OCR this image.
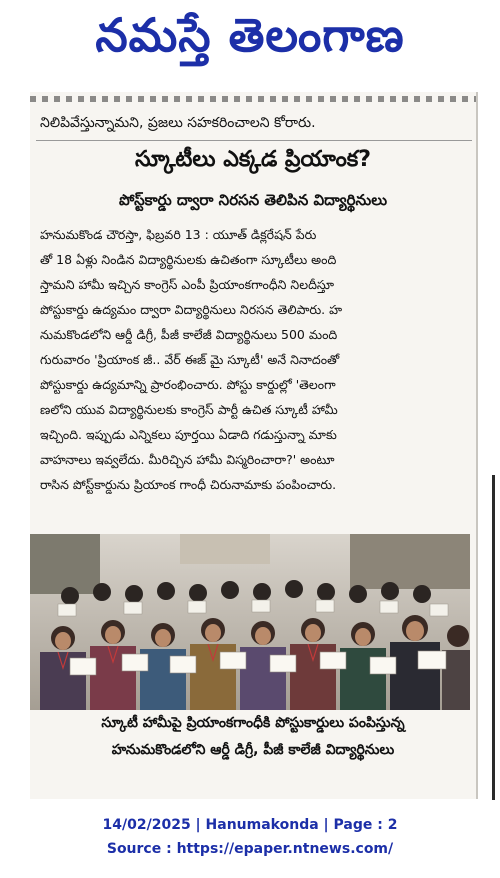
నమస్తే తెలంగాణ
నిలిపివేస్తున్నామని, ప్రజలు సహకరించాలని కోరారు.
స్కూటీలు ఎక్కడ ప్రియాంక?
పోస్ట్‌కార్డు ద్వారా నిరసన తెలిపిన విద్యార్థినులు
హనుమకొండ చౌరస్తా, ఫిబ్రవరి 13 : యూత్ డిక్లరేషన్ పేరు
తో 18 ఏళ్లు నిండిన విద్యార్థినులకు ఉచితంగా స్కూటీలు అంది
స్తామని హామీ ఇచ్చిన కాంగ్రెస్ ఎంపీ ప్రియాంకగాంధీని నిలదీస్తూ
పోస్టుకార్డు ఉద్యమం ద్వారా విద్యార్థినులు నిరసన తెలిపారు. హ
నుమకొండలోని ఆర్డీ డిగ్రీ, పీజీ కాలేజీ విద్యార్థినులు 500 మంది
గురువారం 'ప్రియాంక జీ.. వేర్ ఈజ్ మై స్కూటీ' అనే నినాదంతో
పోస్టుకార్డు ఉద్యమాన్ని ప్రారంభించారు. పోస్టు కార్డుల్లో 'తెలంగా
ణలోని యువ విద్యార్థినులకు కాంగ్రెస్ పార్టీ ఉచిత స్కూటీ హామీ
ఇచ్చింది. ఇప్పుడు ఎన్నికలు పూర్తయి ఏడాది గడుస్తున్నా మాకు
వాహనాలు ఇవ్వలేదు. మీరిచ్చిన హామీ విస్మరించారా?' అంటూ
రాసిన పోస్ట్‌కార్డును ప్రియాంక గాంధీ చిరునామాకు పంపించారు.
స్కూటీ హామీపై ప్రియాంకగాంధీకి పోస్టుకార్డులు పంపిస్తున్న
హనుమకొండలోని ఆర్డీ డిగ్రీ, పీజీ కాలేజీ విద్యార్థినులు
14/02/2025 | Hanumakonda | Page : 2
Source : https://epaper.ntnews.com/
